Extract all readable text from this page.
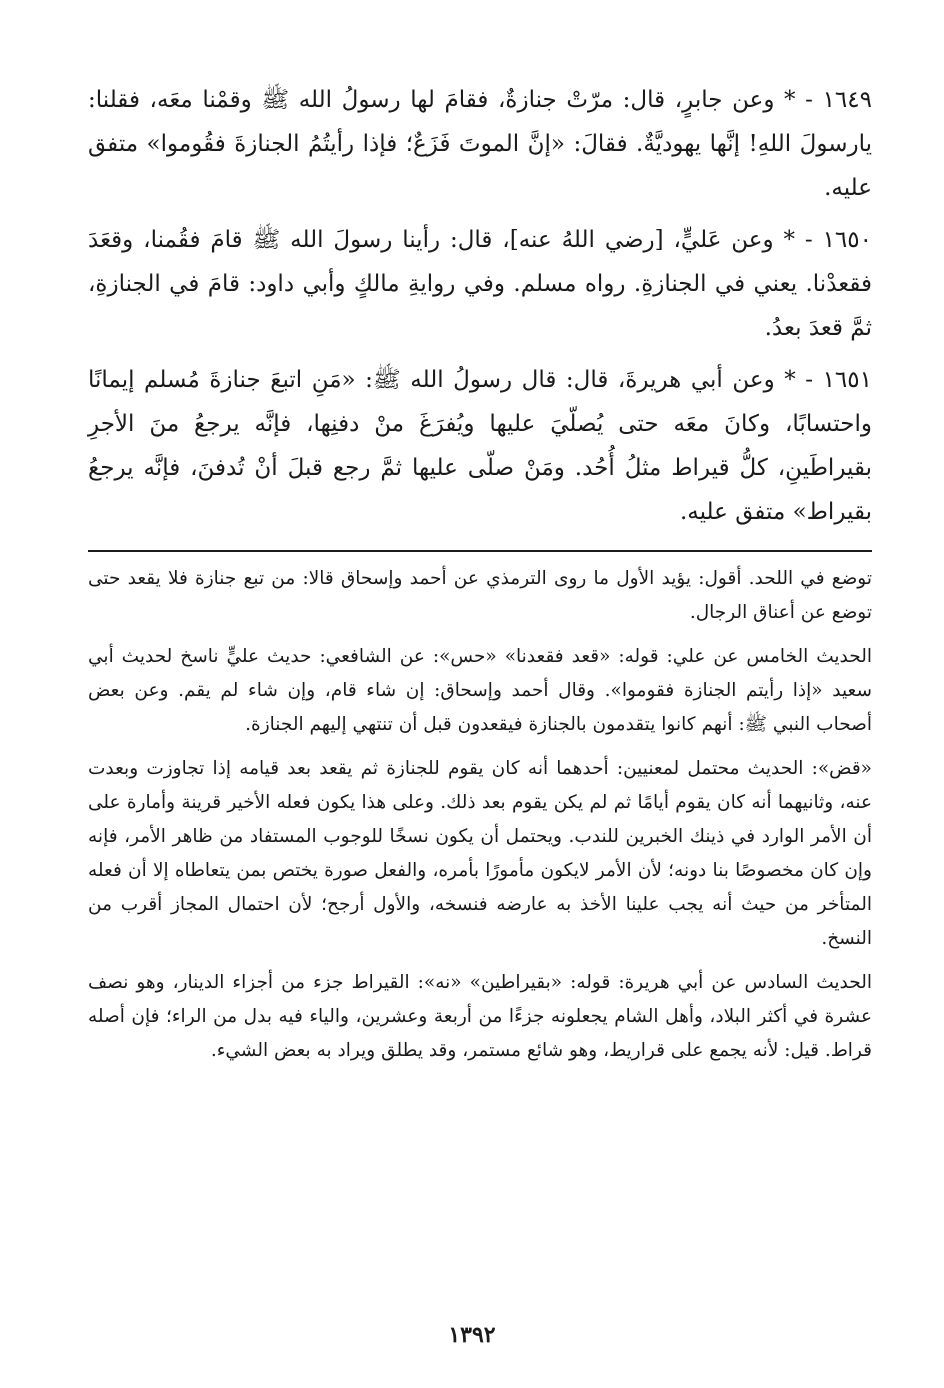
١٦٤٩ - * وعن جابرٍ، قال: مرّتْ جنازةٌ، فقامَ لها رسولُ الله ﷺ وقمْنا معَه، فقلنا: يارسولَ اللهِ! إنَّها يهوديَّةٌ. فقالَ: «إنَّ الموتَ فَزَعٌ؛ فإذا رأيتُمُ الجنازةَ فقُوموا» متفق عليه.

١٦٥٠ - * وعن عَليٍّ، [رضي اللهُ عنه]، قال: رأينا رسولَ الله ﷺ قامَ فقُمنا، وقعَدَ فقعدْنا. يعني في الجنازةِ. رواه مسلم. وفي روايةِ مالكٍ وأبي داود: قامَ في الجنازةِ، ثمَّ قعدَ بعدُ.

١٦٥١ - * وعن أبي هريرةَ، قال: قال رسولُ الله ﷺ: «مَنِ اتبعَ جنازةَ مُسلم إيمانًا واحتسابًا، وكانَ معَه حتى يُصلّيَ عليها ويُفرَغَ منْ دفنِها، فإنَّه يرجعُ منَ الأجرِ بقيراطَينِ، كلُّ قيراط مثلُ أُحُد. ومَنْ صلّى عليها ثمَّ رجع قبلَ أنْ تُدفنَ، فإنَّه يرجعُ بقيراط» متفق عليه.

توضع في اللحد. أقول: يؤيد الأول ما روى الترمذي عن أحمد وإسحاق قالا: من تبع جنازة فلا يقعد حتى توضع عن أعناق الرجال.

الحديث الخامس عن علي: قوله: «قعد فقعدنا» «حس»: عن الشافعي: حديث عليٍّ ناسخ لحديث أبي سعيد «إذا رأيتم الجنازة فقوموا». وقال أحمد وإسحاق: إن شاء قام، وإن شاء لم يقم. وعن بعض أصحاب النبي ﷺ: أنهم كانوا يتقدمون بالجنازة فيقعدون قبل أن تنتهي إليهم الجنازة.

«قض»: الحديث محتمل لمعنيين: أحدهما أنه كان يقوم للجنازة ثم يقعد بعد قيامه إذا تجاوزت وبعدت عنه، وثانيهما أنه كان يقوم أيامًا ثم لم يكن يقوم بعد ذلك. وعلى هذا يكون فعله الأخير قرينة وأمارة على أن الأمر الوارد في ذينك الخبرين للندب. ويحتمل أن يكون نسخًا للوجوب المستفاد من ظاهر الأمر، فإنه وإن كان مخصوصًا بنا دونه؛ لأن الأمر لايكون مأمورًا بأمره، والفعل صورة يختص بمن يتعاطاه إلا أن فعله المتأخر من حيث أنه يجب علينا الأخذ به عارضه فنسخه، والأول أرجح؛ لأن احتمال المجاز أقرب من النسخ.

الحديث السادس عن أبي هريرة: قوله: «بقيراطين» «نه»: القيراط جزء من أجزاء الدينار، وهو نصف عشرة في أكثر البلاد، وأهل الشام يجعلونه جزءًا من أربعة وعشرين، والياء فيه بدل من الراء؛ فإن أصله قراط. قيل: لأنه يجمع على قراريط، وهو شائع مستمر، وقد يطلق ويراد به بعض الشيء.

١٣٩٢
